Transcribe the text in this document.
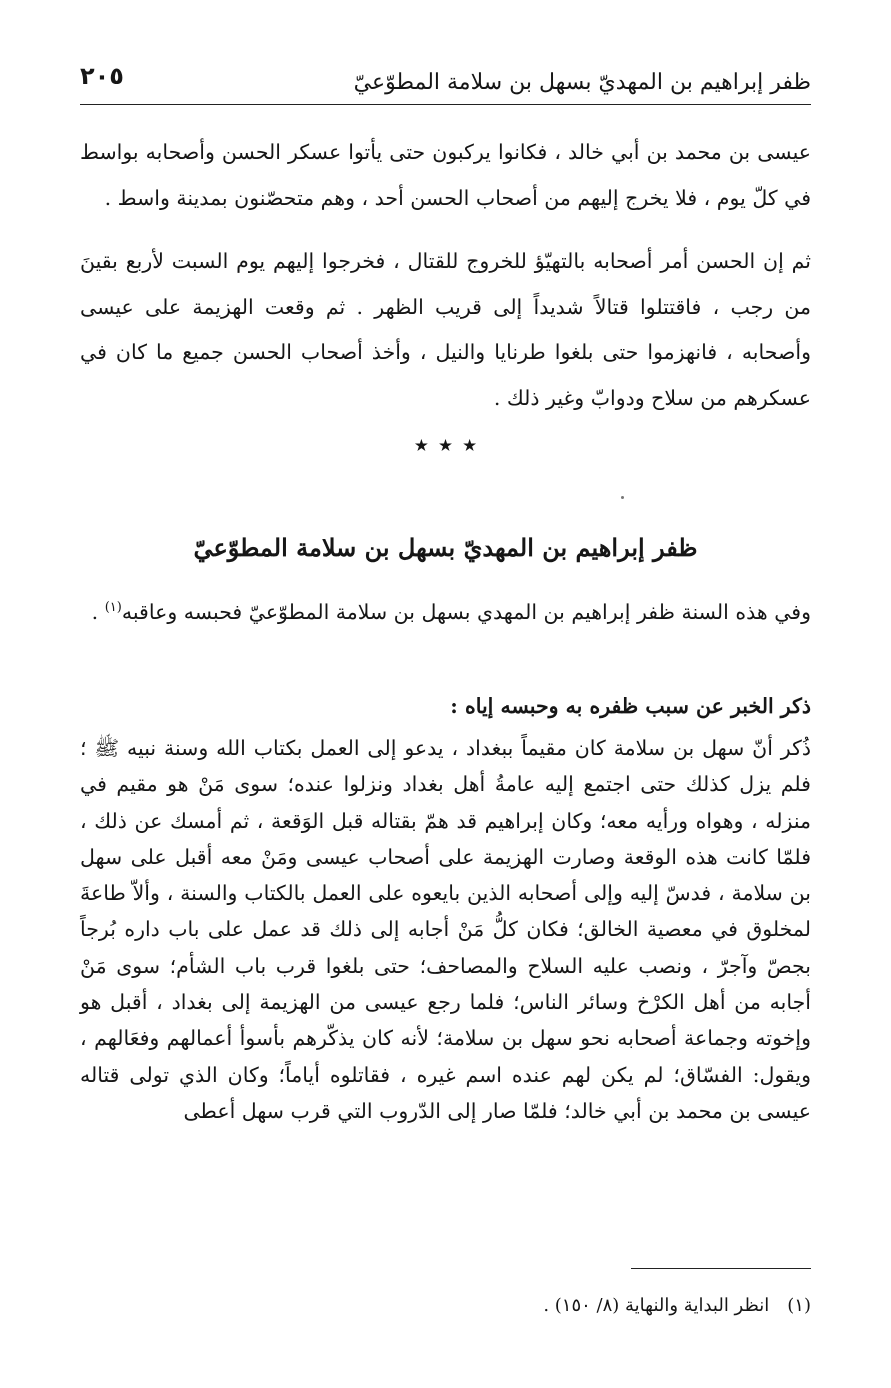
٢٠٥	ظفر إبراهيم بن المهديّ بسهل بن سلامة المطوّعيّ

عيسى بن محمد بن أبي خالد ، فكانوا يركبون حتى يأتوا عسكر الحسن وأصحابه بواسط في كلّ يوم ، فلا يخرج إليهم من أصحاب الحسن أحد ، وهم متحصّنون بمدينة واسط .

ثم إن الحسن أمر أصحابه بالتهيّؤ للخروج للقتال ، فخرجوا إليهم يوم السبت لأربع بقينَ من رجب ، فاقتتلوا قتالاً شديداً إلى قريب الظهر . ثم وقعت الهزيمة على عيسى وأصحابه ، فانهزموا حتى بلغوا طرنايا والنيل ، وأخذ أصحاب الحسن جميع ما كان في عسكرهم من سلاح ودوابّ وغير ذلك .

٭ ٭ ٭
ظفر إبراهيم بن المهديّ بسهل بن سلامة المطوّعيّ

وفي هذه السنة ظفر إبراهيم بن المهدي بسهل بن سلامة المطوّعيّ فحبسه وعاقبه$^{(١)}$ .

ذكر الخبر عن سبب ظفره به وحبسه إياه :

ذُكر أنّ سهل بن سلامة كان مقيماً ببغداد ، يدعو إلى العمل بكتاب الله وسنة نبيه ﷺ ؛ فلم يزل كذلك حتى اجتمع إليه عامةُ أهل بغداد ونزلوا عنده؛ سوى مَنْ هو مقيم في منزله ، وهواه ورأيه معه؛ وكان إبراهيم قد همّ بقتاله قبل الوَقعة ، ثم أمسك عن ذلك ، فلمّا كانت هذه الوقعة وصارت الهزيمة على أصحاب عيسى ومَنْ معه أقبل على سهل بن سلامة ، فدسّ إليه وإلى أصحابه الذين بايعوه على العمل بالكتاب والسنة ، وألاّ طاعةَ لمخلوق في معصية الخالق؛ فكان كلُّ مَنْ أجابه إلى ذلك قد عمل على باب داره بُرجاً بجصّ وآجرّ ، ونصب عليه السلاح والمصاحف؛ حتى بلغوا قرب باب الشأم؛ سوى مَنْ أجابه من أهل الكرْخ وسائر الناس؛ فلما رجع عيسى من الهزيمة إلى بغداد ، أقبل هو وإخوته وجماعة أصحابه نحو سهل بن سلامة؛ لأنه كان يذكّرهم بأسوأ أعمالهم وفعَالهم ، ويقول: الفسّاق؛ لم يكن لهم عنده اسم غيره ، فقاتلوه أياماً؛ وكان الذي تولى قتاله عيسى بن محمد بن أبي خالد؛ فلمّا صار إلى الدّروب التي قرب سهل أعطى

(١)انظر البداية والنهاية (٨/ ١٥٠) .
